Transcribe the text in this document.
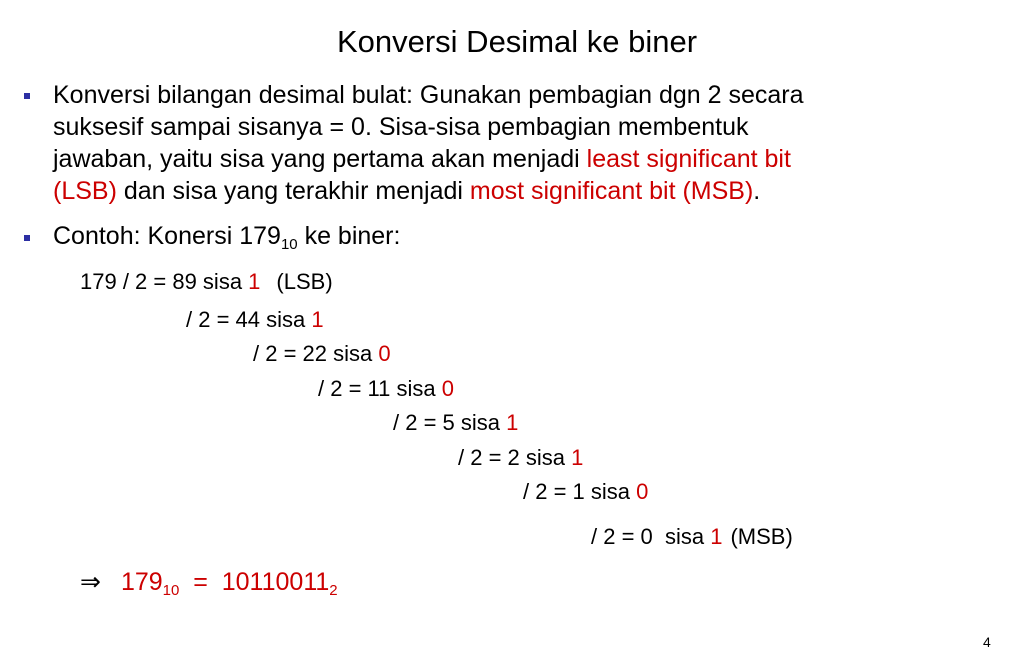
Konversi Desimal ke biner
Konversi bilangan desimal bulat: Gunakan pembagian dgn 2 secara
suksesif sampai sisanya = 0. Sisa-sisa pembagian membentuk
jawaban, yaitu sisa yang pertama akan menjadi least significant bit
(LSB) dan sisa yang terakhir menjadi most significant bit (MSB).
Contoh: Konersi $179_{10}$ ke biner:
179 / 2 = 89 sisa 1 (LSB)
/ 2 = 44 sisa 1
/ 2 = 22 sisa 0
/ 2 = 11 sisa 0
/ 2 = 5 sisa 1
/ 2 = 2 sisa 1
/ 2 = 1 sisa 0
/ 2 = 0  sisa 1 (MSB)
⇒ $179_{10} = 10110011_2$
4
